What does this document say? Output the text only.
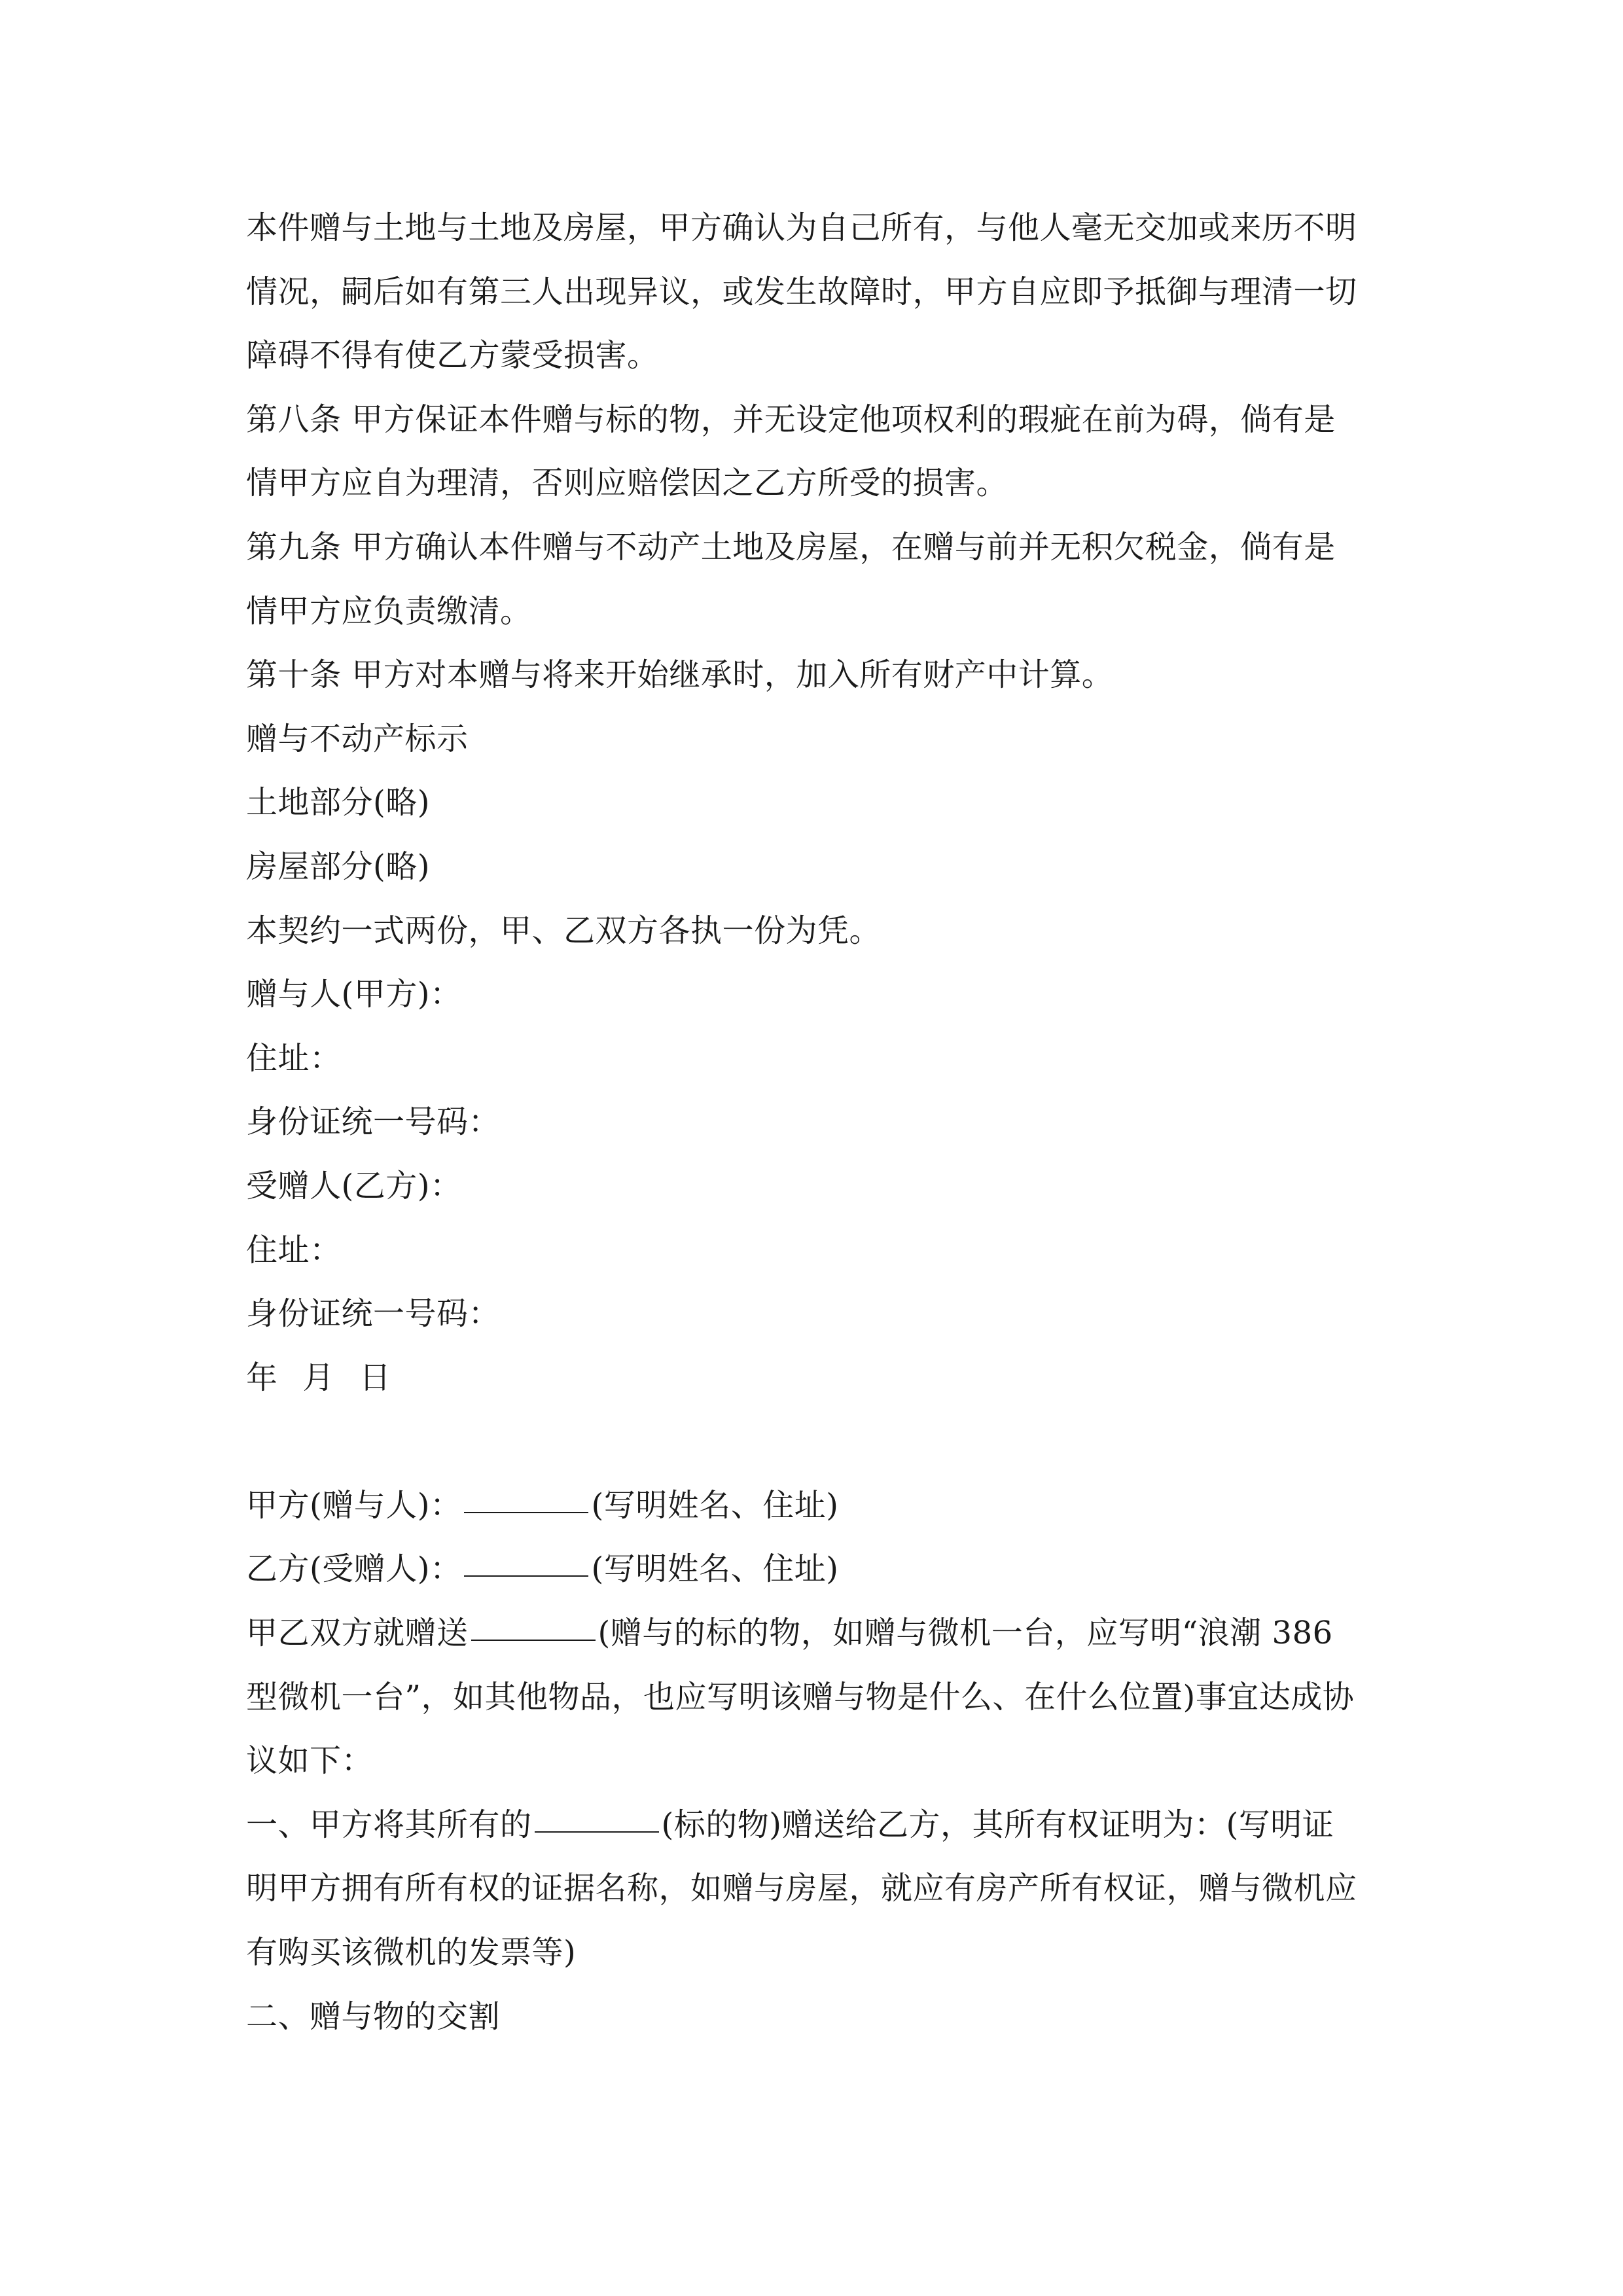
本件赠与土地与土地及房屋，甲方确认为自己所有，与他人毫无交加或来历不明
情况，嗣后如有第三人出现异议，或发生故障时，甲方自应即予抵御与理清一切
障碍不得有使乙方蒙受损害。
第八条 甲方保证本件赠与标的物，并无设定他项权利的瑕疵在前为碍，倘有是
情甲方应自为理清，否则应赔偿因之乙方所受的损害。
第九条 甲方确认本件赠与不动产土地及房屋，在赠与前并无积欠税金，倘有是
情甲方应负责缴清。
第十条 甲方对本赠与将来开始继承时，加入所有财产中计算。
赠与不动产标示
土地部分(略)
房屋部分(略)
本契约一式两份，甲、乙双方各执一份为凭。
赠与人(甲方)：
住址：
身份证统一号码：
受赠人(乙方)：
住址：
身份证统一号码：
年 月 日
甲方(赠与人)：	(写明姓名、住址)
乙方(受赠人)：	(写明姓名、住址)
甲乙双方就赠送	(赠与的标的物，如赠与微机一台，应写明“浪潮 386
型微机一台”，如其他物品，也应写明该赠与物是什么、在什么位置)事宜达成协
议如下：
一、甲方将其所有的	(标的物)赠送给乙方，其所有权证明为：(写明证
明甲方拥有所有权的证据名称，如赠与房屋，就应有房产所有权证，赠与微机应
有购买该微机的发票等)
二、赠与物的交割
